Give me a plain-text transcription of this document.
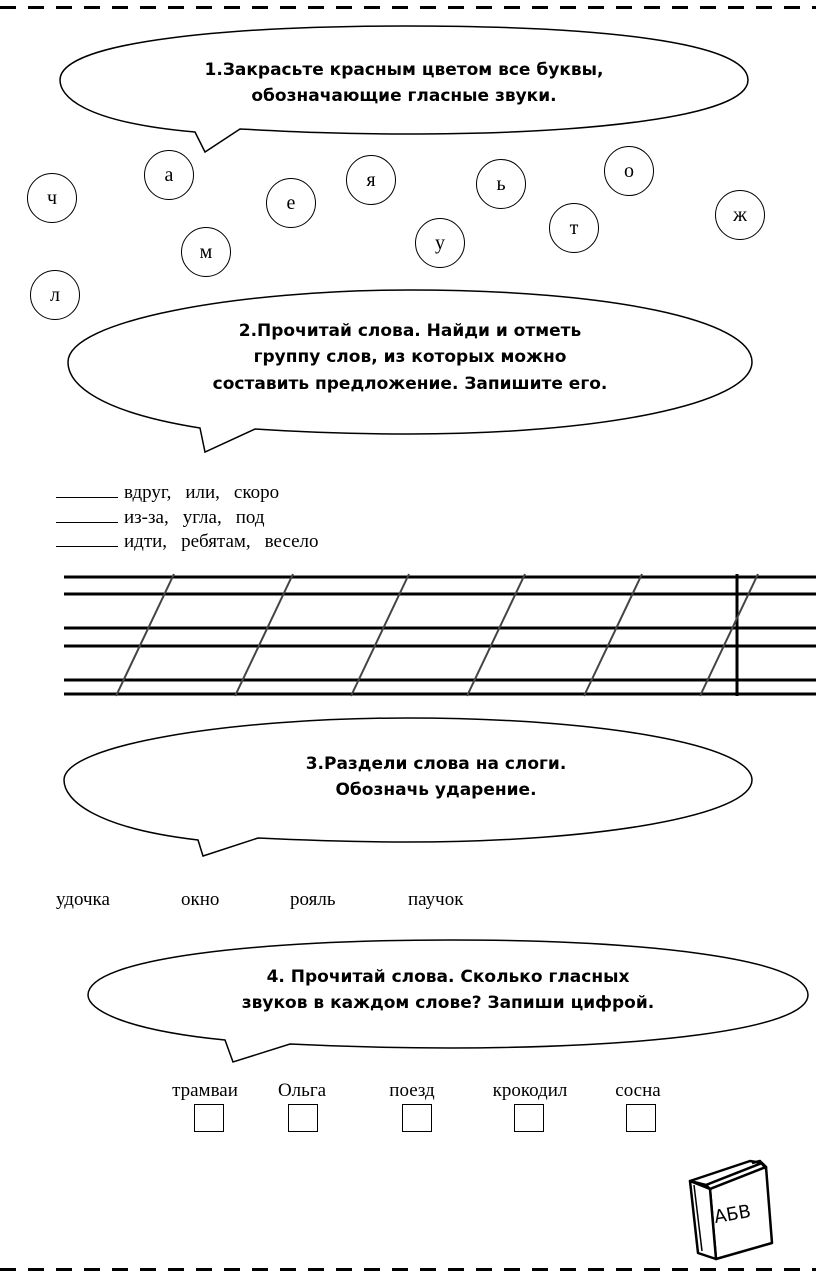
1.Закрасьте красным цветом все буквы,
обозначающие гласные звуки.
ч
а
м
е
я
у
ь
т
о
ж
л
2.Прочитай слова. Найди и отметь
группу слов, из которых можно
составить предложение. Запишите его.
вдруг, или, скоро
из-за, угла, под
идти, ребятам, весело
3.Раздели слова на слоги.
Обозначь ударение.
удочка	окно	рояль	паучок
4. Прочитай слова. Сколько гласных
звуков в каждом слове? Запиши цифрой.
трамваи	Ольга	поезд	крокодил	сосна
АБВ
